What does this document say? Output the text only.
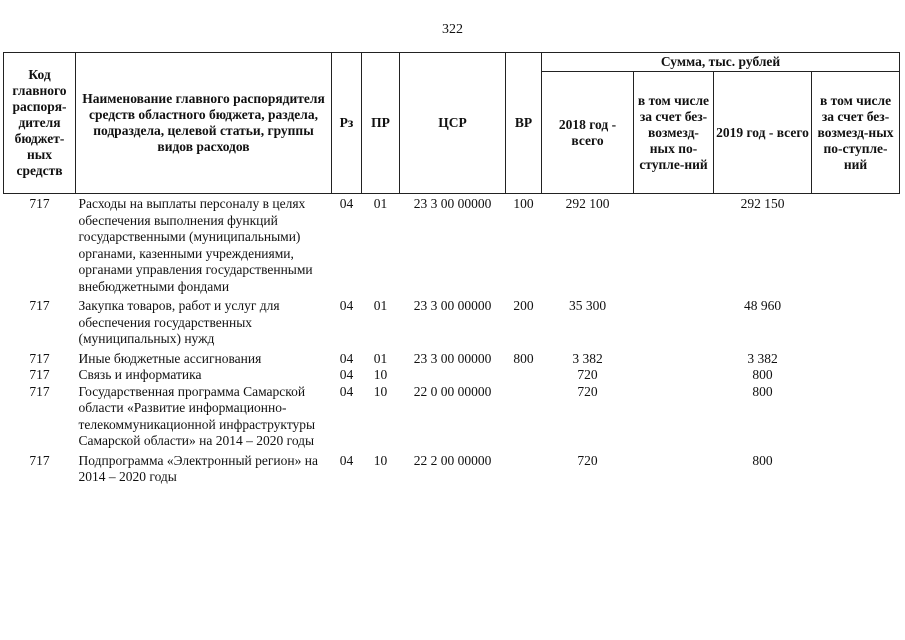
322
Код главного распоря-дителя бюджет-ных средств	Наименование главного распорядителя средств областного бюджета, раздела, подраздела, целевой статьи, группы видов расходов	Рз	ПР	ЦСР	ВР	Сумма, тыс. рублей			
						2018 год - всего	в том числе за счет без-возмезд-ных по-ступле-ний	2019 год - всего	в том числе за счет без-возмезд-ных по-ступле-ний
717	Расходы на выплаты персоналу в целях обеспечения выполнения функций государственными (муниципальными) органами, казенными учреждениями, органами управления государственными внебюджетными фондами	04	01	23 3 00 00000	100	292 100		292 150	
717	Закупка товаров, работ и услуг для обеспечения государственных (муниципальных) нужд	04	01	23 3 00 00000	200	35 300		48 960	
717	Иные бюджетные ассигнования	04	01	23 3 00 00000	800	3 382		3 382	
717	Связь и информатика	04	10			720		800	
717	Государственная программа Самарской области «Развитие информационно-телекоммуникационной инфраструктуры Самарской области» на 2014 – 2020 годы	04	10	22 0 00 00000		720		800	
717	Подпрограмма «Электронный регион» на 2014 – 2020 годы	04	10	22 2 00 00000		720		800	
